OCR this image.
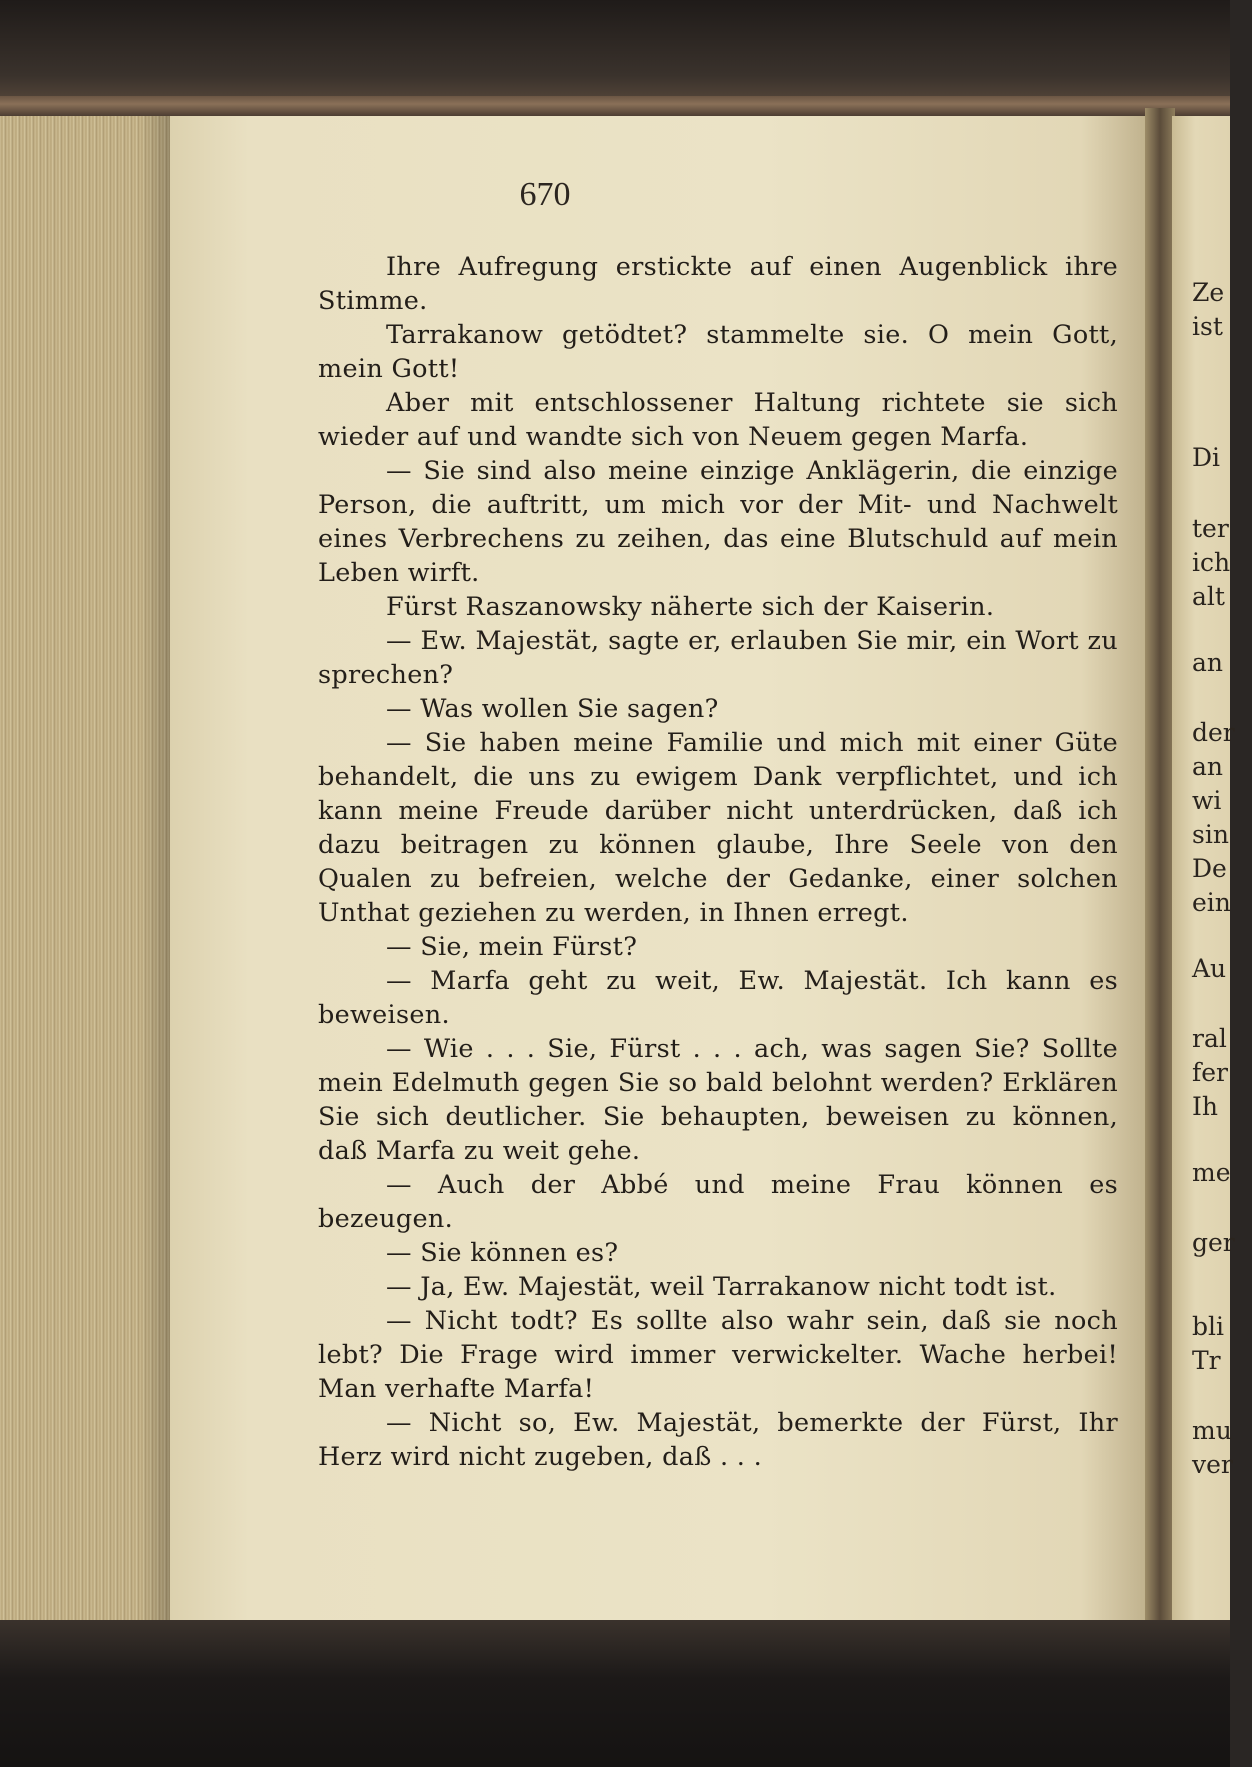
670

Ihre Aufregung erstickte auf einen Augenblick ihre Stimme.

Tarrakanow getödtet? stammelte sie. O mein Gott, mein Gott!

Aber mit entschlossener Haltung richtete sie sich wieder auf und wandte sich von Neuem gegen Marfa.

— Sie sind also meine einzige Anklägerin, die einzige Person, die auftritt, um mich vor der Mit- und Nachwelt eines Verbrechens zu zeihen, das eine Blutschuld auf mein Leben wirft.

Fürst Raszanowsky näherte sich der Kaiserin.

— Ew. Majestät, sagte er, erlauben Sie mir, ein Wort zu sprechen?

— Was wollen Sie sagen?

— Sie haben meine Familie und mich mit einer Güte behandelt, die uns zu ewigem Dank verpflichtet, und ich kann meine Freude darüber nicht unterdrücken, daß ich dazu beitragen zu können glaube, Ihre Seele von den Qualen zu befreien, welche der Gedanke, einer solchen Unthat geziehen zu werden, in Ihnen erregt.

— Sie, mein Fürst?

— Marfa geht zu weit, Ew. Majestät. Ich kann es beweisen.

— Wie . . . Sie, Fürst . . . ach, was sagen Sie? Sollte mein Edelmuth gegen Sie so bald belohnt werden? Erklären Sie sich deutlicher. Sie behaupten, beweisen zu können, daß Marfa zu weit gehe.

— Auch der Abbé und meine Frau können es bezeugen.

— Sie können es?

— Ja, Ew. Majestät, weil Tarrakanow nicht todt ist.

— Nicht todt? Es sollte also wahr sein, daß sie noch lebt? Die Frage wird immer verwickelter. Wache herbei! Man verhafte Marfa!

— Nicht so, Ew. Majestät, bemerkte der Fürst, Ihr Herz wird nicht zugeben, daß . . .

Ze
ist
Di
ter
ich
alt
an
der
an
wi
sin
De
ein
Au
ral
fer
Ih
me
ger
bli
Tr
mu
ver
